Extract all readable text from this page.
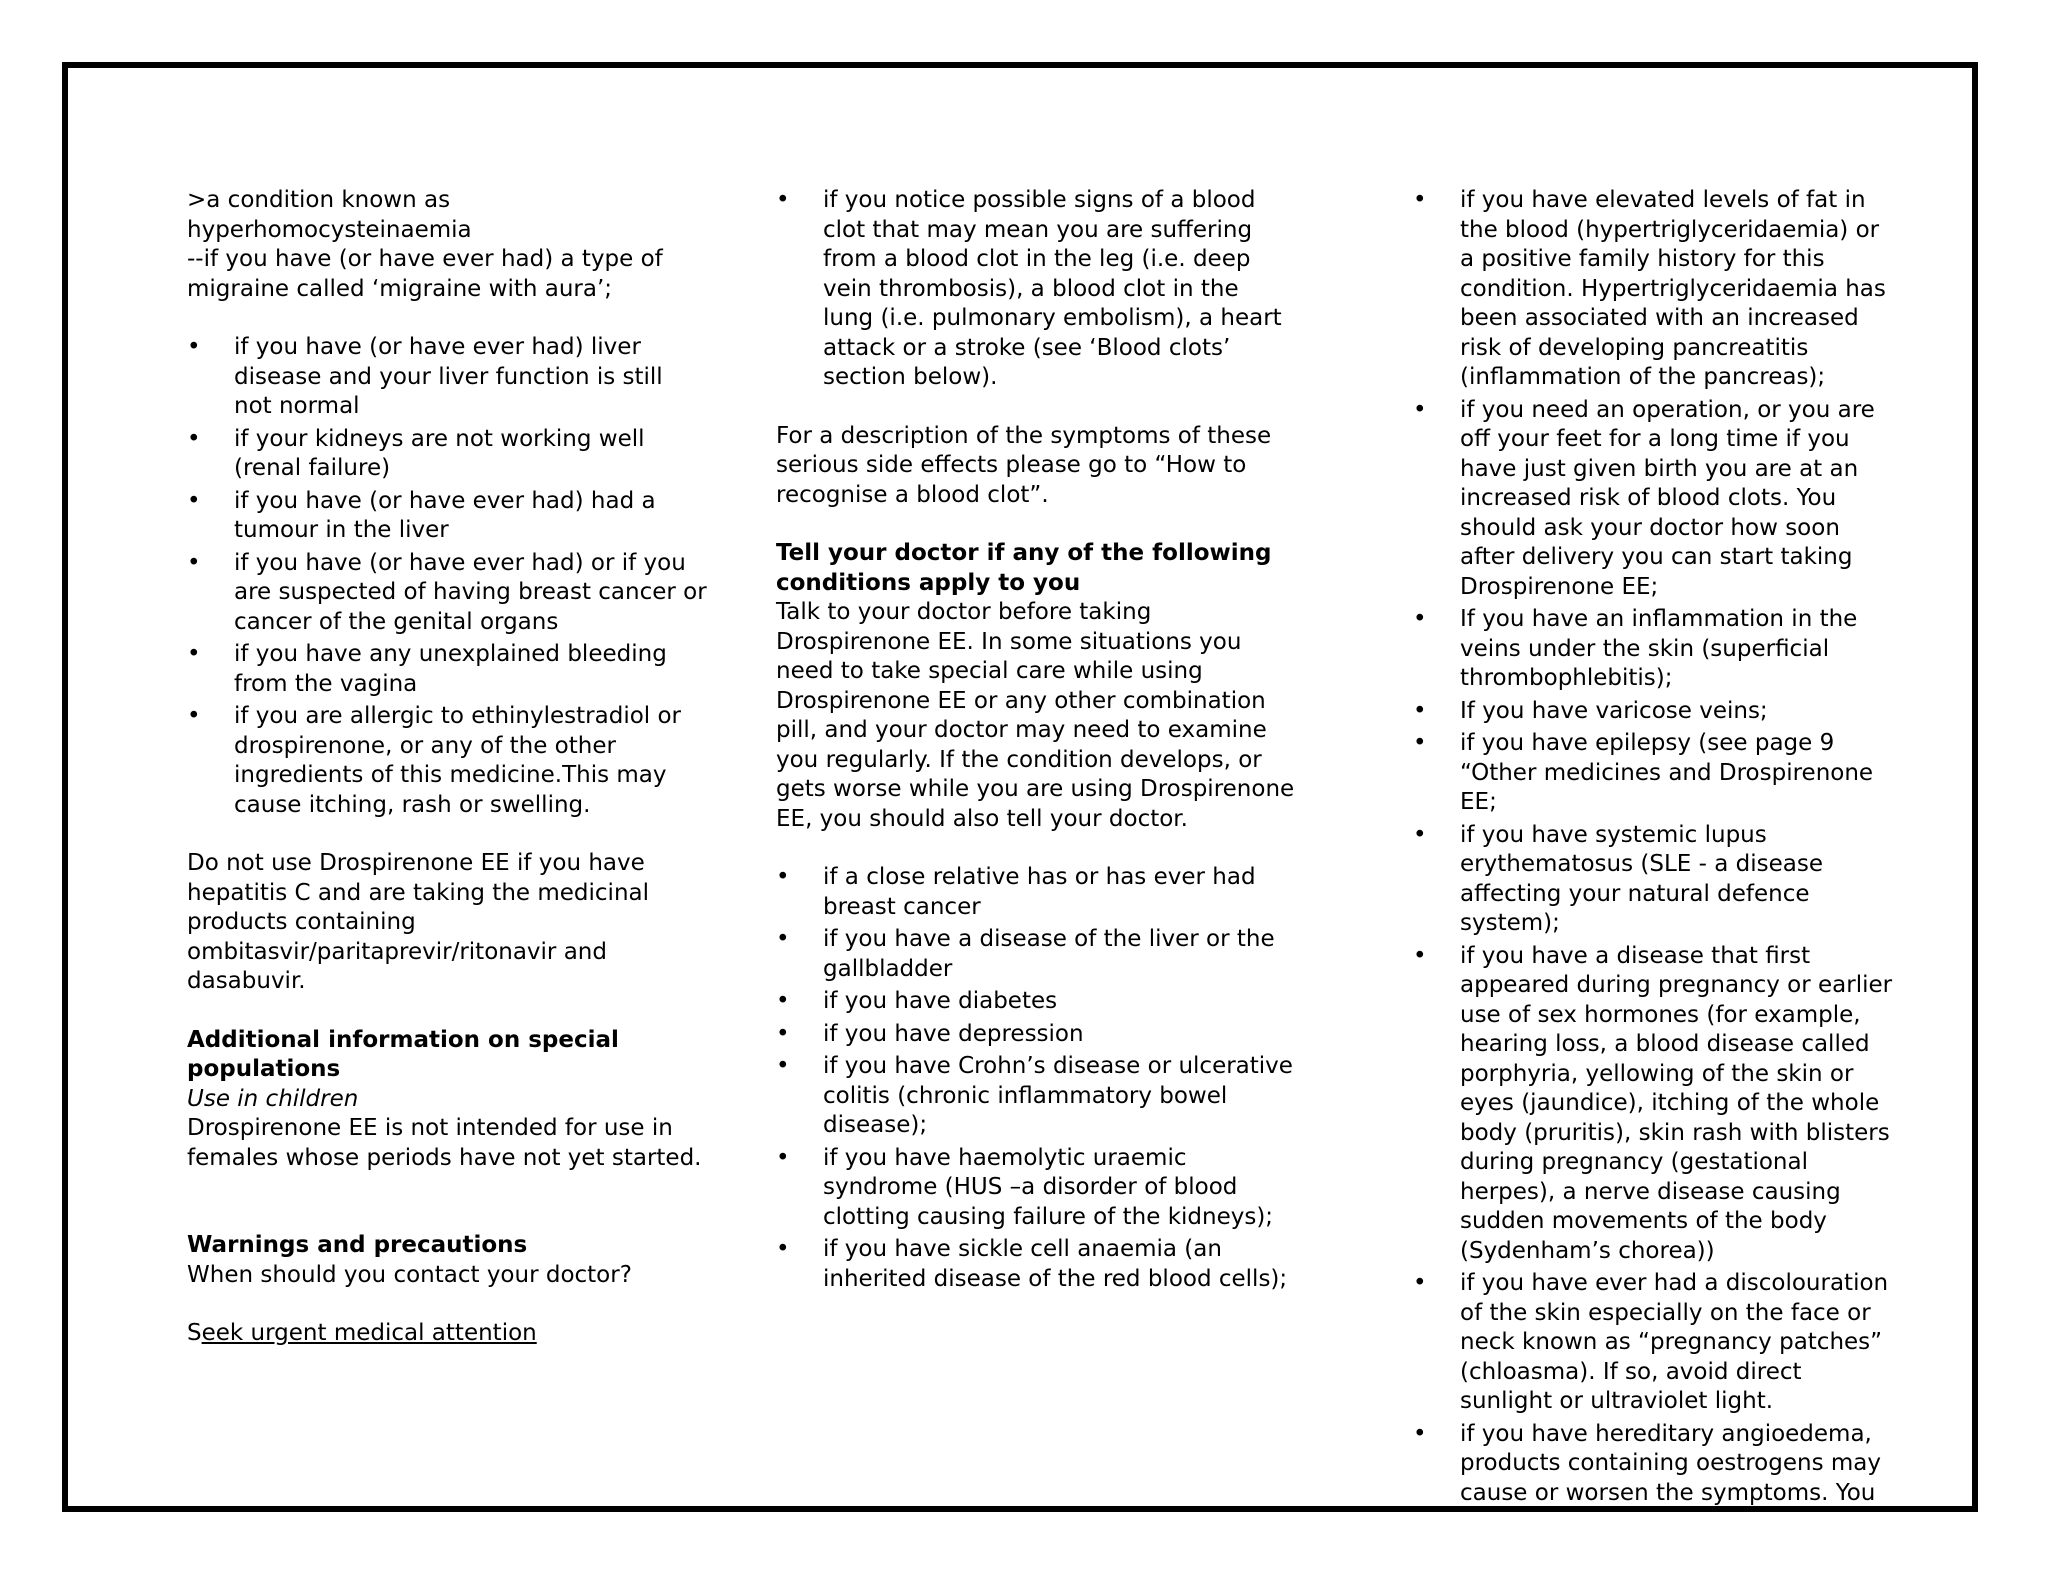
>a condition known as hyperhomocysteinaemia

--if you have (or have ever had) a type of migraine called ‘migraine with aura’;

• if you have (or have ever had) liver disease and your liver function is still not normal
• if your kidneys are not working well (renal failure)
• if you have (or have ever had) had a tumour in the liver
• if you have (or have ever had) or if you are suspected of having breast cancer or cancer of the genital organs
• if you have any unexplained bleeding from the vagina
• if you are allergic to ethinylestradiol or drospirenone, or any of the other ingredients of this medicine.This may cause itching, rash or swelling.

Do not use Drospirenone EE if you have hepatitis C and are taking the medicinal products containing ombitasvir/paritaprevir/ritonavir and dasabuvir.

Additional information on special populations

Use in children

Drospirenone EE is not intended for use in females whose periods have not yet started.

Warnings and precautions

When should you contact your doctor?

Seek urgent medical attention

• if you notice possible signs of a blood clot that may mean you are suffering from a blood clot in the leg (i.e. deep vein thrombosis), a blood clot in the lung (i.e. pulmonary embolism), a heart attack or a stroke (see ‘Blood clots’ section below).

For a description of the symptoms of these serious side effects please go to “How to recognise a blood clot”.

Tell your doctor if any of the following conditions apply to you

Talk to your doctor before taking Drospirenone EE. In some situations you need to take special care while using Drospirenone EE or any other combination pill, and your doctor may need to examine you regularly. If the condition develops, or gets worse while you are using Drospirenone EE, you should also tell your doctor.

• if a close relative has or has ever had breast cancer
• if you have a disease of the liver or the gallbladder
• if you have diabetes
• if you have depression
• if you have Crohn’s disease or ulcerative colitis (chronic inflammatory bowel disease);
• if you have haemolytic uraemic syndrome (HUS –a disorder of blood clotting causing failure of the kidneys);
• if you have sickle cell anaemia (an inherited disease of the red blood cells);
• if you have elevated levels of fat in the blood (hypertriglyceridaemia) or a positive family history for this condition. Hypertriglyceridaemia has been associated with an increased risk of developing pancreatitis (inflammation of the pancreas);
• if you need an operation, or you are off your feet for a long time if you have just given birth you are at an increased risk of blood clots. You should ask your doctor how soon after delivery you can start taking Drospirenone EE;
• If you have an inflammation in the veins under the skin (superficial thrombophlebitis);
• If you have varicose veins;
• if you have epilepsy (see page 9 “Other medicines and Drospirenone EE;
• if you have systemic lupus erythematosus (SLE - a disease affecting your natural defence system);
• if you have a disease that first appeared during pregnancy or earlier use of sex hormones (for example, hearing loss, a blood disease called porphyria, yellowing of the skin or eyes (jaundice), itching of the whole body (pruritis), skin rash with blisters during pregnancy (gestational herpes), a nerve disease causing sudden movements of the body (Sydenham’s chorea))
• if you have ever had a discolouration of the skin especially on the face or neck known as “pregnancy patches” (chloasma). If so, avoid direct sunlight or ultraviolet light.
• if you have hereditary angioedema, products containing oestrogens may cause or worsen the symptoms. You
